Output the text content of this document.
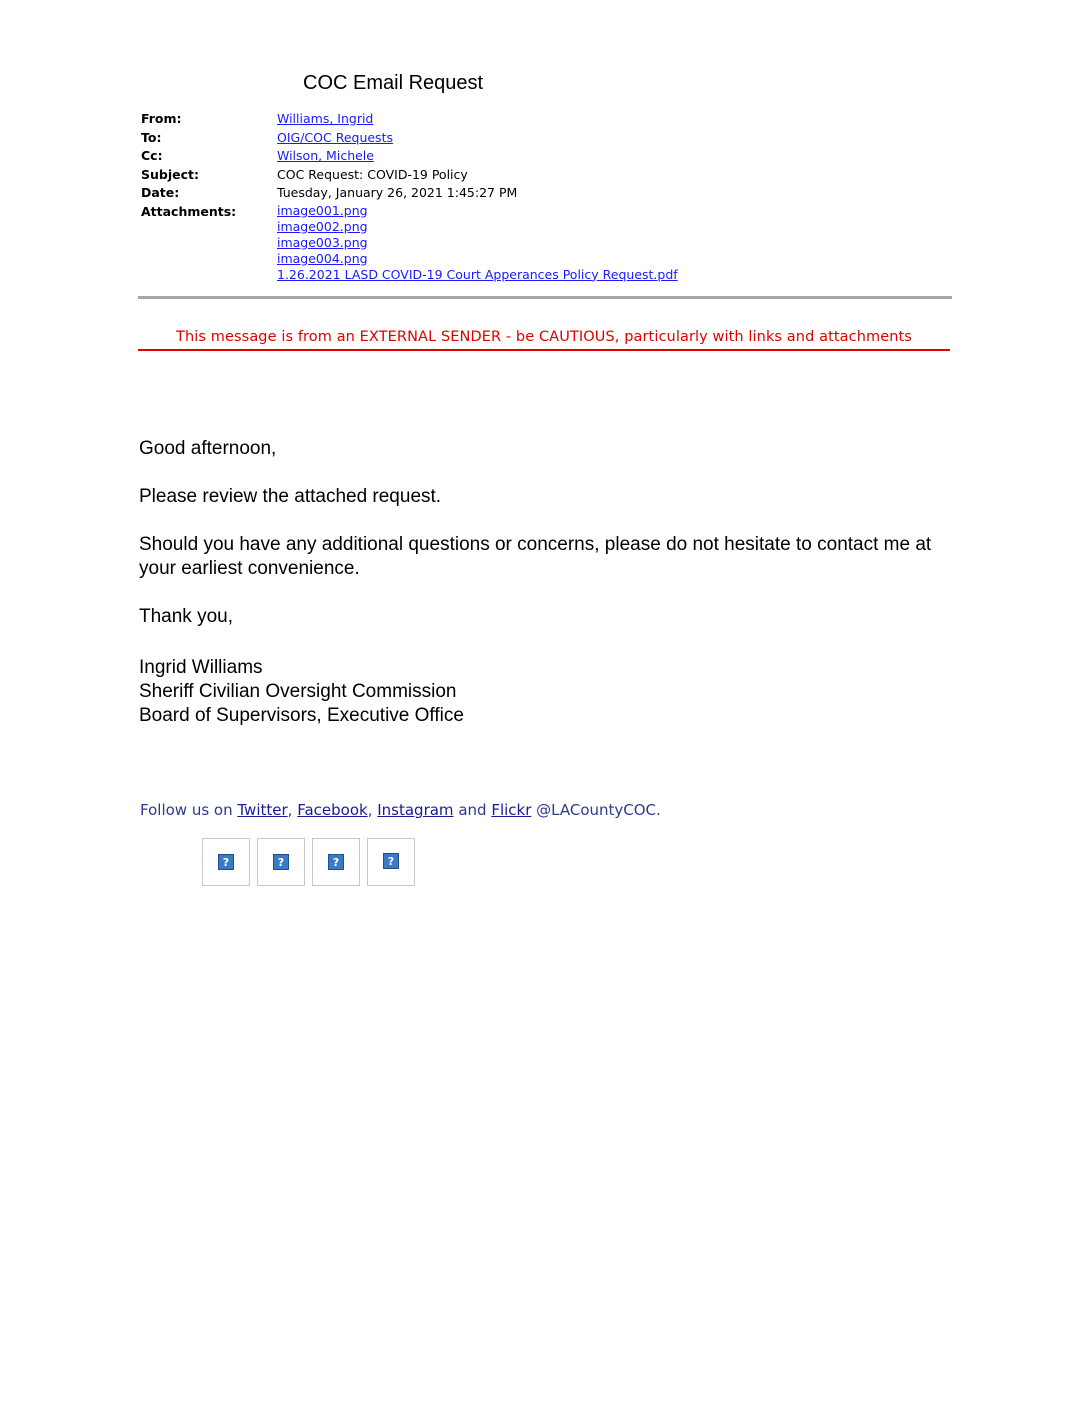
COC Email Request
From:	Williams, Ingrid
To:	OIG/COC Requests
Cc:	Wilson, Michele
Subject:	COC Request: COVID-19 Policy
Date:	Tuesday, January 26, 2021 1:45:27 PM
Attachments:	image001.png
image002.png
image003.png
image004.png
1.26.2021 LASD COVID-19 Court Apperances Policy Request.pdf
This message is from an EXTERNAL SENDER - be CAUTIOUS, particularly with links and attachments

Good afternoon,

Please review the attached request.

Should you have any additional questions or concerns, please do not hesitate to contact me at your earliest convenience.

Thank you,

Ingrid Williams

Sheriff Civilian Oversight Commission

Board of Supervisors, Executive Office

Follow us on Twitter, Facebook, Instagram and Flickr @LACountyCOC.
?	?	?	?
